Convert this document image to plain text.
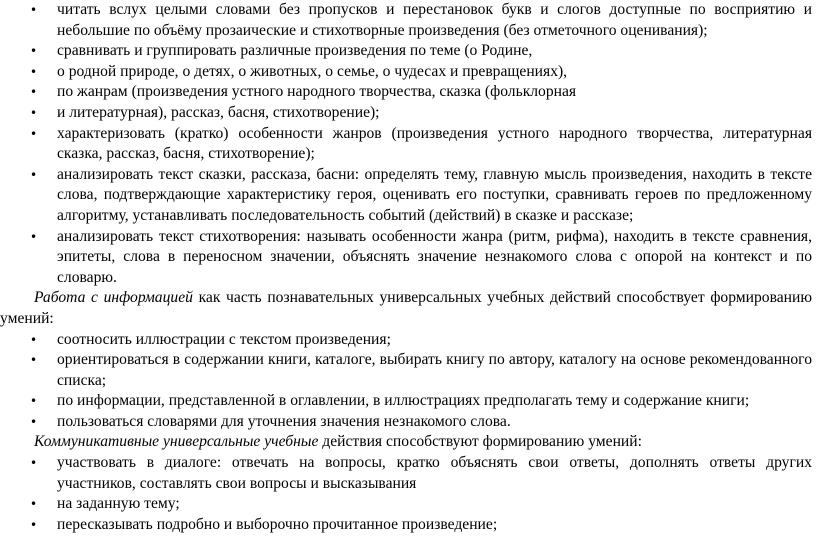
• читать вслух целыми словами без пропусков и перестановок букв и слогов доступные по восприятию и небольшие по объёму прозаические и стихотворные произведения (без отметочного оценивания);

• сравнивать и группировать различные произведения по теме (о Родине,

• о родной природе, о детях, о животных, о семье, о чудесах и превращениях),

• по жанрам (произведения устного народного творчества, сказка (фольклорная

• и литературная), рассказ, басня, стихотворение);

• характеризовать (кратко) особенности жанров (произведения устного народного творчества, литературная сказка, рассказ, басня, стихотворение);

• анализировать текст сказки, рассказа, басни: определять тему, главную мысль произведения, находить в тексте слова, подтверждающие характеристику героя, оценивать его поступки, сравнивать героев по предложенному алгоритму, устанавливать последовательность событий (действий) в сказке и рассказе;

• анализировать текст стихотворения: называть особенности жанра (ритм, рифма), находить в тексте сравнения, эпитеты, слова в переносном значении, объяснять значение незнакомого слова с опорой на контекст и по словарю.

Работа с информацией как часть познавательных универсальных учебных действий способствует формированию умений:

• соотносить иллюстрации с текстом произведения;

• ориентироваться в содержании книги, каталоге, выбирать книгу по автору, каталогу на основе рекомендованного списка;

• по информации, представленной в оглавлении, в иллюстрациях предполагать тему и содержание книги;

• пользоваться словарями для уточнения значения незнакомого слова.

Коммуникативные универсальные учебные действия способствуют формированию умений:

• участвовать в диалоге: отвечать на вопросы, кратко объяснять свои ответы, дополнять ответы других участников, составлять свои вопросы и высказывания

• на заданную тему;

• пересказывать подробно и выборочно прочитанное произведение;
